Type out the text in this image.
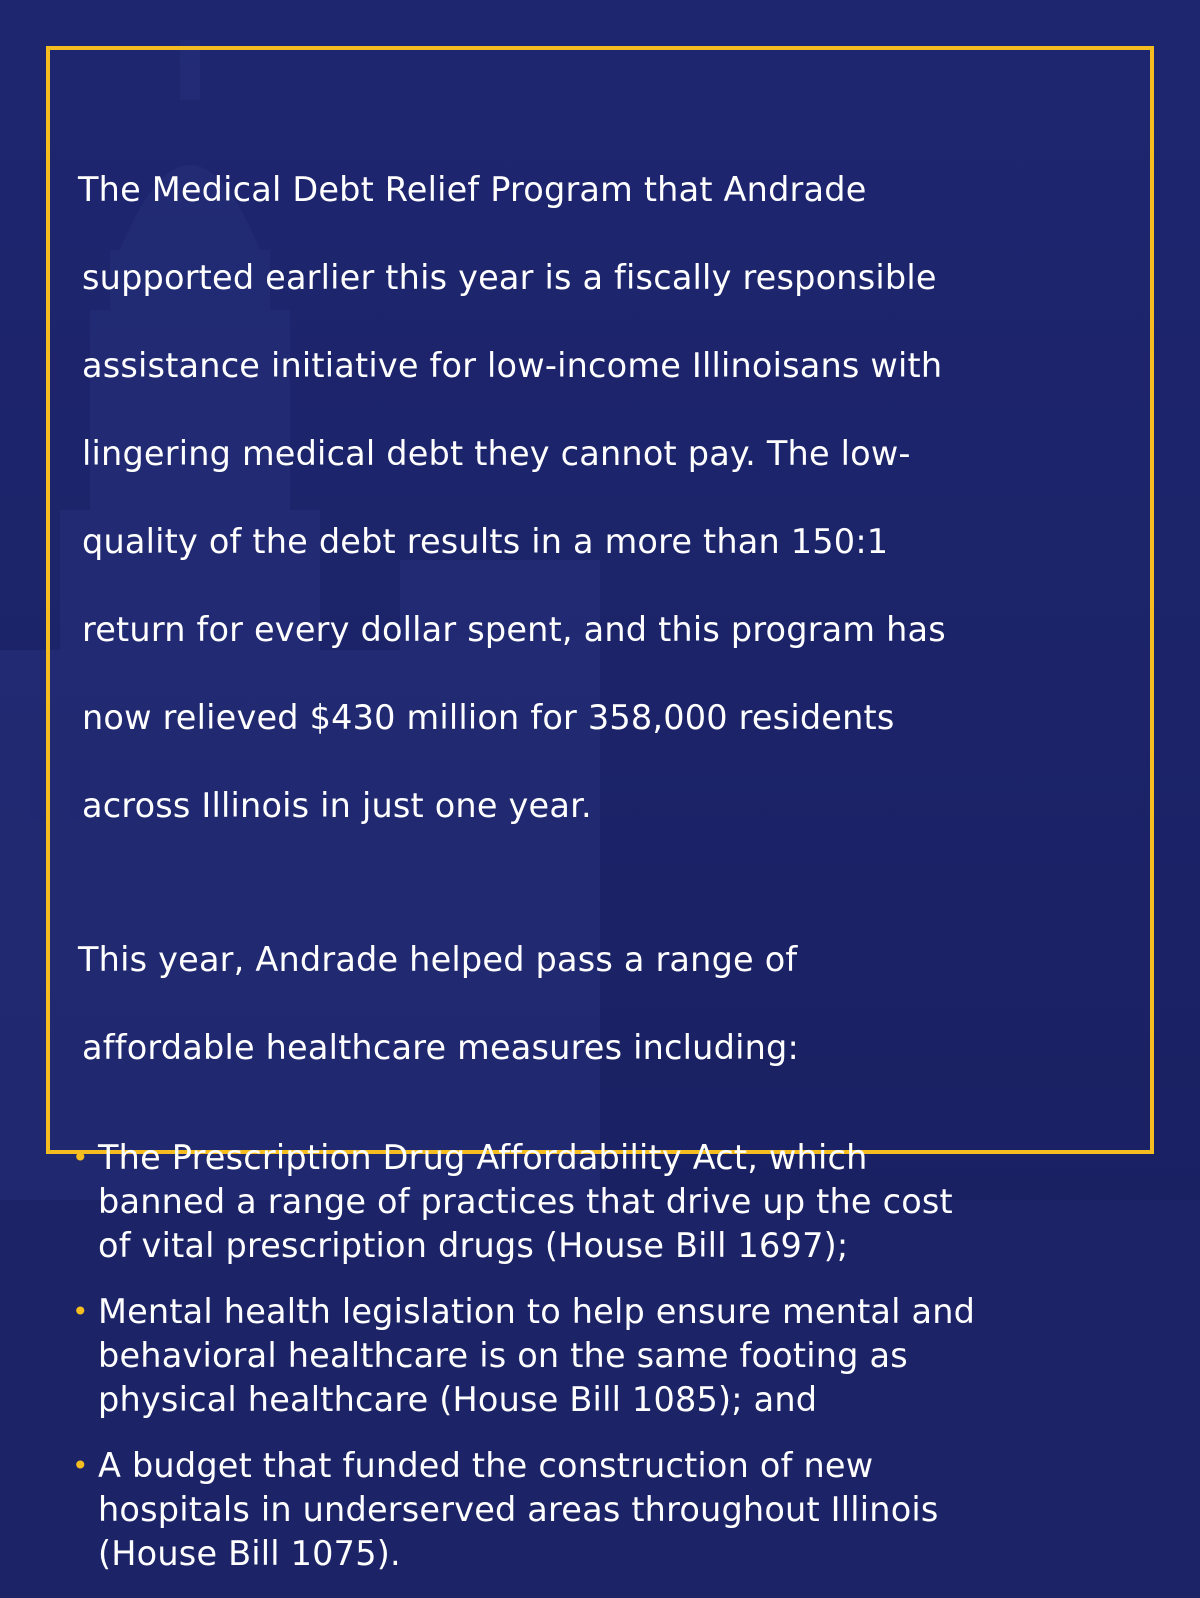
The Medical Debt Relief Program that Andrade

supported earlier this year is a fiscally responsible

assistance initiative for low-income Illinoisans with

lingering medical debt they cannot pay. The low-

quality of the debt results in a more than 150:1

return for every dollar spent, and this program has

now relieved $430 million for 358,000 residents

across Illinois in just one year.

This year, Andrade helped pass a range of

affordable healthcare measures including:

• The Prescription Drug Affordability Act, which
banned a range of practices that drive up the cost
of vital prescription drugs (House Bill 1697);
• Mental health legislation to help ensure mental and
behavioral healthcare is on the same footing as
physical healthcare (House Bill 1085); and
• A budget that funded the construction of new
hospitals in underserved areas throughout Illinois
(House Bill 1075).
